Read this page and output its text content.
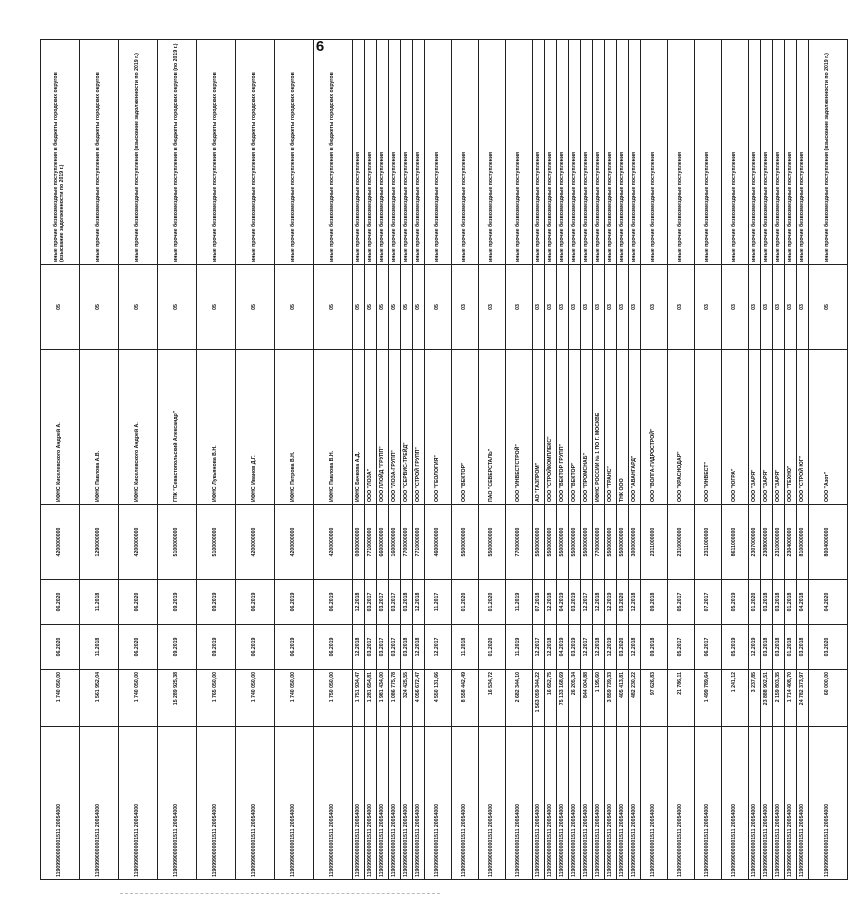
6
11909990000001511 20054000	1 740 050,00	06.2020	06.2020	4200000000	ИФНС Киселевского Андрей А.	05	иные прочие безвозмездные поступления в бюджеты городских округов (взыскание задолженности по 2019 г.)
11909990000001511 20054000	1 561 952,04	11.2018	11.2018	1290000000	ИФНС Павлова А.В.	05	иные прочие безвозмездные поступления в бюджеты городских округов
11909990000001511 20054000	1 740 050,00	06.2020	06.2020	4200000000	ИФНС Киселевского Андрей А.	05	иные прочие безвозмездные поступления (взыскание задолженности по 2019 г.)
11909990000001511 20054000	15 289 925,38	09.2019	09.2019	5100000000	ГПК "Севастопольский Александр"	05	иные прочие безвозмездные поступления в бюджеты городских округов (по 2019 г.)
11909990000001511 20054000	1 765 050,00	09.2019	09.2019	5100000000	ИФНС Лукьянова В.Н.	05	иные прочие безвозмездные поступления в бюджеты городских округов
11909990000001511 20054000	1 740 050,00	06.2019	06.2019	4200000000	ИФНС Иванов Д.Г.	05	иные прочие безвозмездные поступления в бюджеты городских округов
11909990000001511 20054000	1 740 050,00	06.2019	06.2019	4200000000	ИФНС Петрова В.Н.	05	иные прочие безвозмездные поступления в бюджеты городских округов
11909990000001511 20054000	1 750 050,00	06.2019	06.2019	4200000000	ИФНС Павлова В.Н.	05	иные прочие безвозмездные поступления в бюджеты городских округов
11909990000001511 20054000	1 751 934,47	12.2018	12.2018	0000000000	ИФНС Бачкова А.Д.	05	иные прочие безвозмездные поступления
11909990000001511 20054000	1 281 654,81	03.2017	03.2017	7710000000	ООО "ЛОЗА"	05	иные прочие безвозмездные поступления
11909990000001511 20054000	1 981 434,00	03.2017	03.2017	6600000000	ООО ЛЛОЙД "ГРУПП"	05	иные прочие безвозмездные поступления
11909990000001511 20054000	1 086 775,78	03.2017	03.2017	1600000000	ООО "ЛОЗА-ГРУПП"	05	иные прочие безвозмездные поступления
11909990000001511 20054000	324 425,55	03.2018	03.2018	7700000000	ООО "СЕРВИС-ТРЕЙД"	05	иные прочие безвозмездные поступления
11909990000001511 20054000	4 056 672,47	12.2018	12.2018	7710000000	ООО "СТРОЙ ГРУПП"	05	иные прочие безвозмездные поступления
11909990000001511 20054000	4 550 131,66	12.2017	11.2017	4600000000	ООО "ГЕОЛОГИЯ"	05	иные прочие безвозмездные поступления
11909990000001511 20054000	8 558 442,49	11.2018	01.2020	5500000000	ООО "ВЕКТОР"	03	иные прочие безвозмездные поступления
11909990000001511 20054000	16 534,72	01.2020	01.2020	5500000000	ПАО "СЕВЕРСТАЛЬ"	03	иные прочие безвозмездные поступления
11909990000001511 20054000	2 682 344,10	11.2019	11.2019	7700000000	ООО "ИНВЕСТСТРОЙ"	03	иные прочие безвозмездные поступления
11909990000001511 20054000	1 563 059 344,22	12.2017	07.2018	5500000000	АО "ГАЗПРОМ"	03	иные прочие безвозмездные поступления
11909990000001511 20054000	16 652,75	12.2018	12.2018	5500000000	ООО "СТРОЙКОМПЛЕКС"	03	иные прочие безвозмездные поступления
11909990000001511 20054000	75 133 168,69	04.2019	04.2019	5500000000	ООО "ВЕКТОР ГРУПП"	03	иные прочие безвозмездные поступления
11909990000001511 20054000	26 205,34	03.2019	03.2019	5500000000	ООО "ВЕКТОР"	03	иные прочие безвозмездные поступления
11909990000001511 20054000	844 004,88	12.2017	12.2017	5500000000	ООО "ПРОМСНАБ"	03	иные прочие безвозмездные поступления
11909990000001511 20054000	1 195,60	12.2018	12.2018	7700000000	ИФНС РОССИИ № 1 ПО Г. МОСКВЕ	03	иные прочие безвозмездные поступления
11909990000001511 20054000	3 859 739,33	12.2019	12.2019	5500000000	ООО "ТРАНС"	03	иные прочие безвозмездные поступления
11909990000001511 20054000	405 413,81	03.2020	03.2020	5500000000	ТНК ООО	03	иные прочие безвозмездные поступления
11909990000001511 20054000	482 230,22	12.2018	12.2018	3000000000	ООО "АВАНГАРД"	03	иные прочие безвозмездные поступления
11909990000001511 20054000	97 626,83	09.2018	09.2018	2311000000	ООО "ВОЛГА-ГИДРОСТРОЙ"	03	иные прочие безвозмездные поступления
11909990000001511 20054000	21 786,11	05.2017	05.2017	2310000000	ООО "КРАСНОДАР"	03	иные прочие безвозмездные поступления
11909990000001511 20054000	1 499 789,64	06.2017	07.2017	2311000000	ООО "ИНВЕСТ"	03	иные прочие безвозмездные поступления
11909990000001511 20054000	1 241,12	05.2019	05.2019	8611000000	ООО "ЮГРА"	03	иные прочие безвозмездные поступления
11909990000001511 20054000	3 237,85	12.2019	01.2020	2307000000	ООО "ЗАРЯ"	03	иные прочие безвозмездные поступления
11909990000001511 20054000	23 888 902,51	03.2018	03.2018	2308000000	ООО "ЗАРЯ"	03	иные прочие безвозмездные поступления
11909990000001511 20054000	2 159 803,35	03.2018	03.2018	2310000000	ООО "ЗАРЯ"	03	иные прочие безвозмездные поступления
11909990000001511 20054000	1 714 408,70	01.2018	01.2018	2304000000	ООО "ТЕХНО"	03	иные прочие безвозмездные поступления
11909990000001511 20054000	24 782 373,97	03.2018	04.2018	8100000000	ООО "СТРОЙ ЮГ"	03	иные прочие безвозмездные поступления
11909990000001511 20054000	60 000,00	03.2020	04.2020	8004000000	ООО "Азот"	05	иные прочие безвозмездные поступления (взыскание задолженности по 2019 г.)
